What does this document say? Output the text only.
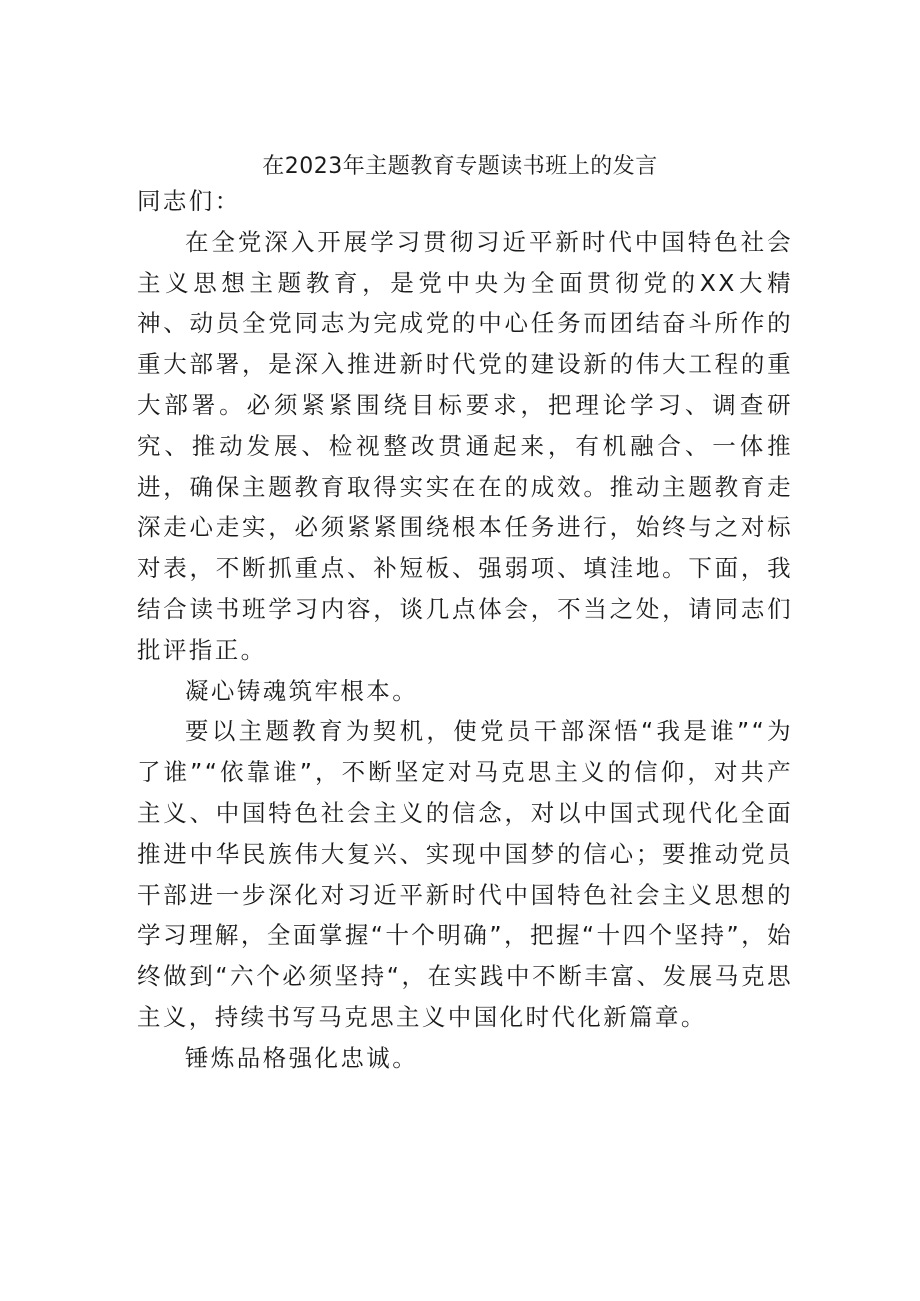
在2023年主题教育专题读书班上的发言

同志们：

在全党深入开展学习贯彻习近平新时代中国特色社会主义思想主题教育，是党中央为全面贯彻党的XX大精神、动员全党同志为完成党的中心任务而团结奋斗所作的重大部署，是深入推进新时代党的建设新的伟大工程的重大部署。必须紧紧围绕目标要求，把理论学习、调查研究、推动发展、检视整改贯通起来，有机融合、一体推进，确保主题教育取得实实在在的成效。推动主题教育走深走心走实，必须紧紧围绕根本任务进行，始终与之对标对表，不断抓重点、补短板、强弱项、填洼地。下面，我结合读书班学习内容，谈几点体会，不当之处，请同志们批评指正。

凝心铸魂筑牢根本。

要以主题教育为契机，使党员干部深悟“我是谁”“为了谁”“依靠谁”，不断坚定对马克思主义的信仰，对共产主义、中国特色社会主义的信念，对以中国式现代化全面推进中华民族伟大复兴、实现中国梦的信心；要推动党员干部进一步深化对习近平新时代中国特色社会主义思想的学习理解，全面掌握“十个明确”，把握“十四个坚持”，始终做到“六个必须坚持“，在实践中不断丰富、发展马克思主义，持续书写马克思主义中国化时代化新篇章。

锤炼品格强化忠诚。
